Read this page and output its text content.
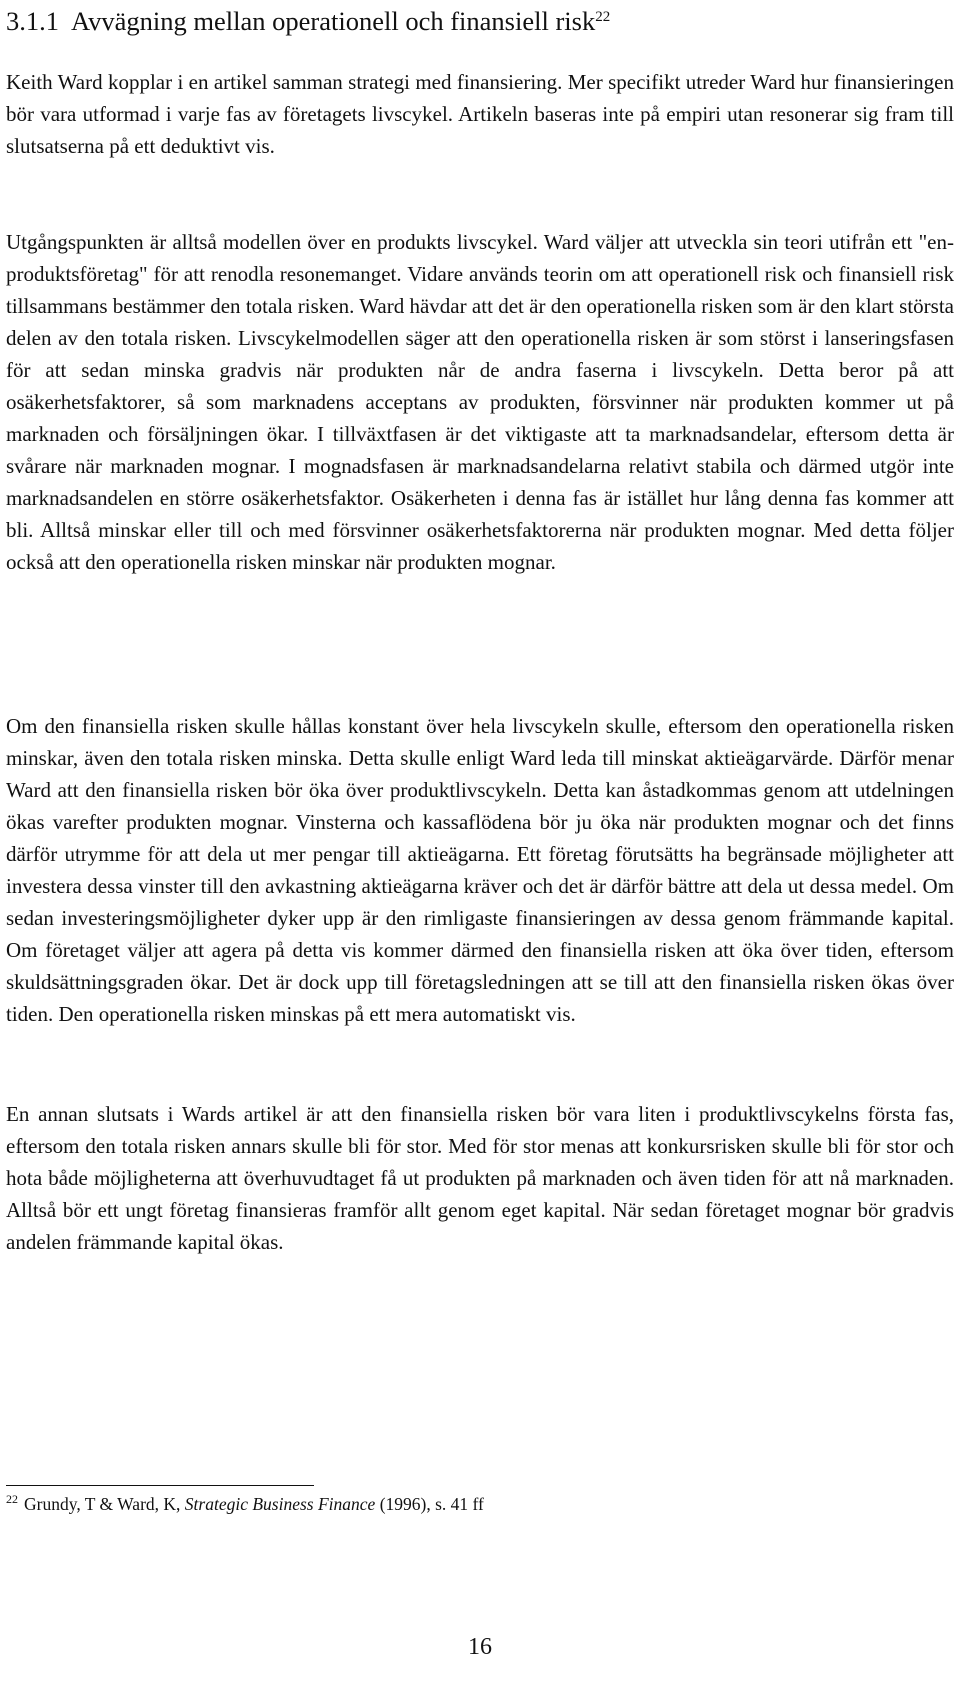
3.1.1 Avvägning mellan operationell och finansiell risk$^{22}$

Keith Ward kopplar i en artikel samman strategi med finansiering. Mer specifikt utreder Ward hur finansieringen bör vara utformad i varje fas av företagets livscykel. Artikeln baseras inte på empiri utan resonerar sig fram till slutsatserna på ett deduktivt vis.

Utgångspunkten är alltså modellen över en produkts livscykel. Ward väljer att utveckla sin teori utifrån ett "en-produktsföretag" för att renodla resonemanget. Vidare används teorin om att operationell risk och finansiell risk tillsammans bestämmer den totala risken. Ward hävdar att det är den operationella risken som är den klart största delen av den totala risken. Livscykelmodellen säger att den operationella risken är som störst i lanseringsfasen för att sedan minska gradvis när produkten når de andra faserna i livscykeln. Detta beror på att osäkerhetsfaktorer, så som marknadens acceptans av produkten, försvinner när produkten kommer ut på marknaden och försäljningen ökar. I tillväxtfasen är det viktigaste att ta marknadsandelar, eftersom detta är svårare när marknaden mognar. I mognadsfasen är marknadsandelarna relativt stabila och därmed utgör inte marknadsandelen en större osäkerhetsfaktor. Osäkerheten i denna fas är istället hur lång denna fas kommer att bli. Alltså minskar eller till och med försvinner osäkerhetsfaktorerna när produkten mognar. Med detta följer också att den operationella risken minskar när produkten mognar.

Om den finansiella risken skulle hållas konstant över hela livscykeln skulle, eftersom den operationella risken minskar, även den totala risken minska. Detta skulle enligt Ward leda till minskat aktieägarvärde. Därför menar Ward att den finansiella risken bör öka över produktlivscykeln. Detta kan åstadkommas genom att utdelningen ökas varefter produkten mognar. Vinsterna och kassaflödena bör ju öka när produkten mognar och det finns därför utrymme för att dela ut mer pengar till aktieägarna. Ett företag förutsätts ha begränsade möjligheter att investera dessa vinster till den avkastning aktieägarna kräver och det är därför bättre att dela ut dessa medel. Om sedan investeringsmöjligheter dyker upp är den rimligaste finansieringen av dessa genom främmande kapital. Om företaget väljer att agera på detta vis kommer därmed den finansiella risken att öka över tiden, eftersom skuldsättningsgraden ökar. Det är dock upp till företagsledningen att se till att den finansiella risken ökas över tiden. Den operationella risken minskas på ett mera automatiskt vis.

En annan slutsats i Wards artikel är att den finansiella risken bör vara liten i produktlivscykelns första fas, eftersom den totala risken annars skulle bli för stor. Med för stor menas att konkursrisken skulle bli för stor och hota både möjligheterna att överhuvudtaget få ut produkten på marknaden och även tiden för att nå marknaden. Alltså bör ett ungt företag finansieras framför allt genom eget kapital. När sedan företaget mognar bör gradvis andelen främmande kapital ökas.

$^{22}$ Grundy, T & Ward, K, Strategic Business Finance (1996), s. 41 ff

16
